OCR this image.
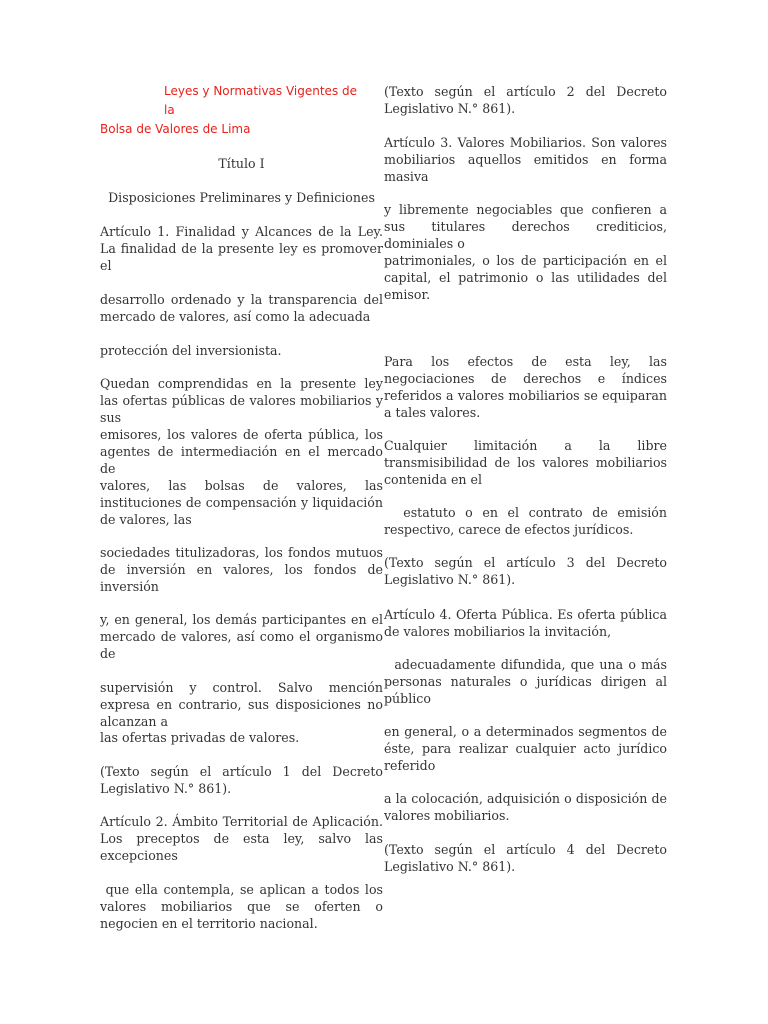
Leyes y Normativas Vigentes de la
Bolsa de Valores de Lima

Título I

Disposiciones Preliminares y Definiciones

Artículo 1. Finalidad y Alcances de la Ley. La finalidad de la presente ley es promover el

desarrollo ordenado y la transparencia del mercado de valores, así como la adecuada

protección del inversionista.

Quedan comprendidas en la presente ley las ofertas públicas de valores mobiliarios y sus

emisores, los valores de oferta pública, los agentes de intermediación en el mercado de

valores, las bolsas de valores, las instituciones de compensación y liquidación de valores, las

sociedades titulizadoras, los fondos mutuos de inversión en valores, los fondos de inversión

y, en general, los demás participantes en el mercado de valores, así como el organismo de

supervisión y control. Salvo mención expresa en contrario, sus disposiciones no alcanzan a

las ofertas privadas de valores.

(Texto según el artículo 1 del Decreto Legislativo N.° 861).

Artículo 2. Ámbito Territorial de Aplicación. Los preceptos de esta ley, salvo las excepciones

que ella contempla, se aplican a todos los valores mobiliarios que se oferten o negocien en el territorio nacional.

(Texto según el artículo 2 del Decreto Legislativo N.° 861).

Artículo 3. Valores Mobiliarios. Son valores mobiliarios aquellos emitidos en forma masiva

y libremente negociables que confieren a sus titulares derechos crediticios, dominiales o

patrimoniales, o los de participación en el capital, el patrimonio o las utilidades del emisor.

Para los efectos de esta ley, las negociaciones de derechos e índices referidos a valores mobiliarios se equiparan a tales valores.

Cualquier limitación a la libre transmisibilidad de los valores mobiliarios contenida en el

estatuto o en el contrato de emisión respectivo, carece de efectos jurídicos.

(Texto según el artículo 3 del Decreto Legislativo N.° 861).

Artículo 4. Oferta Pública. Es oferta pública de valores mobiliarios la invitación,

adecuadamente difundida, que una o más personas naturales o jurídicas dirigen al público

en general, o a determinados segmentos de éste, para realizar cualquier acto jurídico referido

a la colocación, adquisición o disposición de valores mobiliarios.

(Texto según el artículo 4 del Decreto Legislativo N.° 861).
